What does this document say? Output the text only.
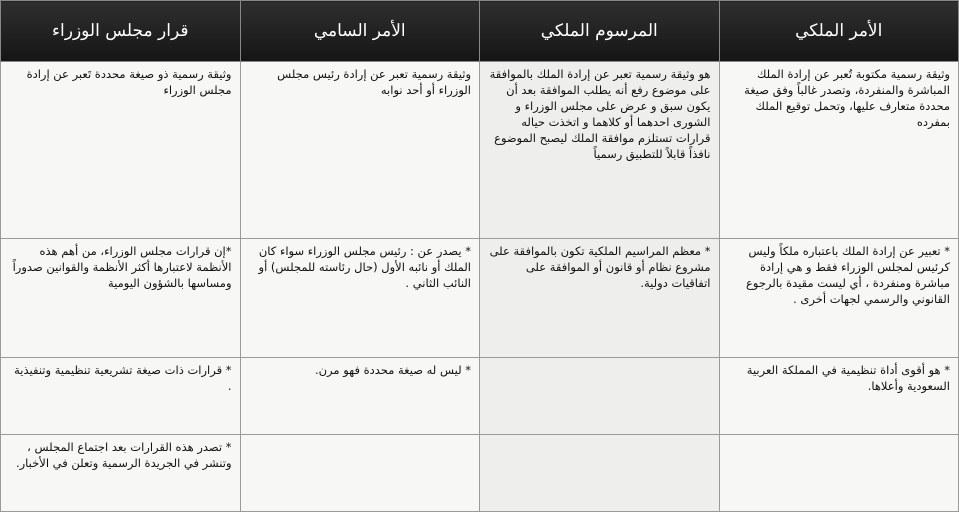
الأمر الملكي	المرسوم الملكي	الأمر السامي	قرار مجلس الوزراء
وثيقة رسمية مكتوبة تُعبر عن إرادة الملك المباشرة والمنفردة، وتصدر غالباً وفق صيغة محددة متعارف عليها، وتحمل توقيع الملك بمفرده	هو وثيقة رسمية تعبر عن إرادة الملك بالموافقة على موضوع رفع أنه يطلب الموافقة بعد أن يكون سبق و عرض على مجلس الوزراء و الشورى احدهما أو كلاهما و اتخذت حياله قرارات تستلزم موافقة الملك ليصبح الموضوع نافذاً قابلاً للتطبيق رسمياً	وثيقة رسمية تعبر عن إرادة رئيس مجلس الوزراء أو أحد نوابه	وثيقة رسمية ذو صيغة محددة تَعبر عن إرادة مجلس الوزراء
* تعبير عن إرادة الملك باعتباره ملكاً وليس كرئيس لمجلس الوزراء فقط و هي إرادة مباشرة ومنفردة ، أي ليست مقيدة بالرجوع القانوني والرسمي لجهات أخرى .	* معظم المراسيم الملكية تكون بالموافقة على مشروع نظام أو قانون أو الموافقة على اتفاقيات دولية.	* يصدر عن : رئيس مجلس الوزراء سواء كان الملك أو نائبه الأول (حال رئاسته للمجلس) أو النائب الثاني .	*إن قرارات مجلس الوزراء، من أهم هذه الأنظمة لاعتبارها أكثر الأنظمة والقوانين صدوراً ومساسها بالشؤون اليومية
* هو أقوى أداة تنظيمية في المملكة العربية السعودية وأعلاها.		* ليس له صيغة محددة فهو مرن.	* قرارات ذات صيغة تشريعية تنظيمية وتنفيذية .
			* تصدر هذه القرارات بعد اجتماع المجلس ، وتنشر في الجريدة الرسمية وتعلن في الأخبار.
